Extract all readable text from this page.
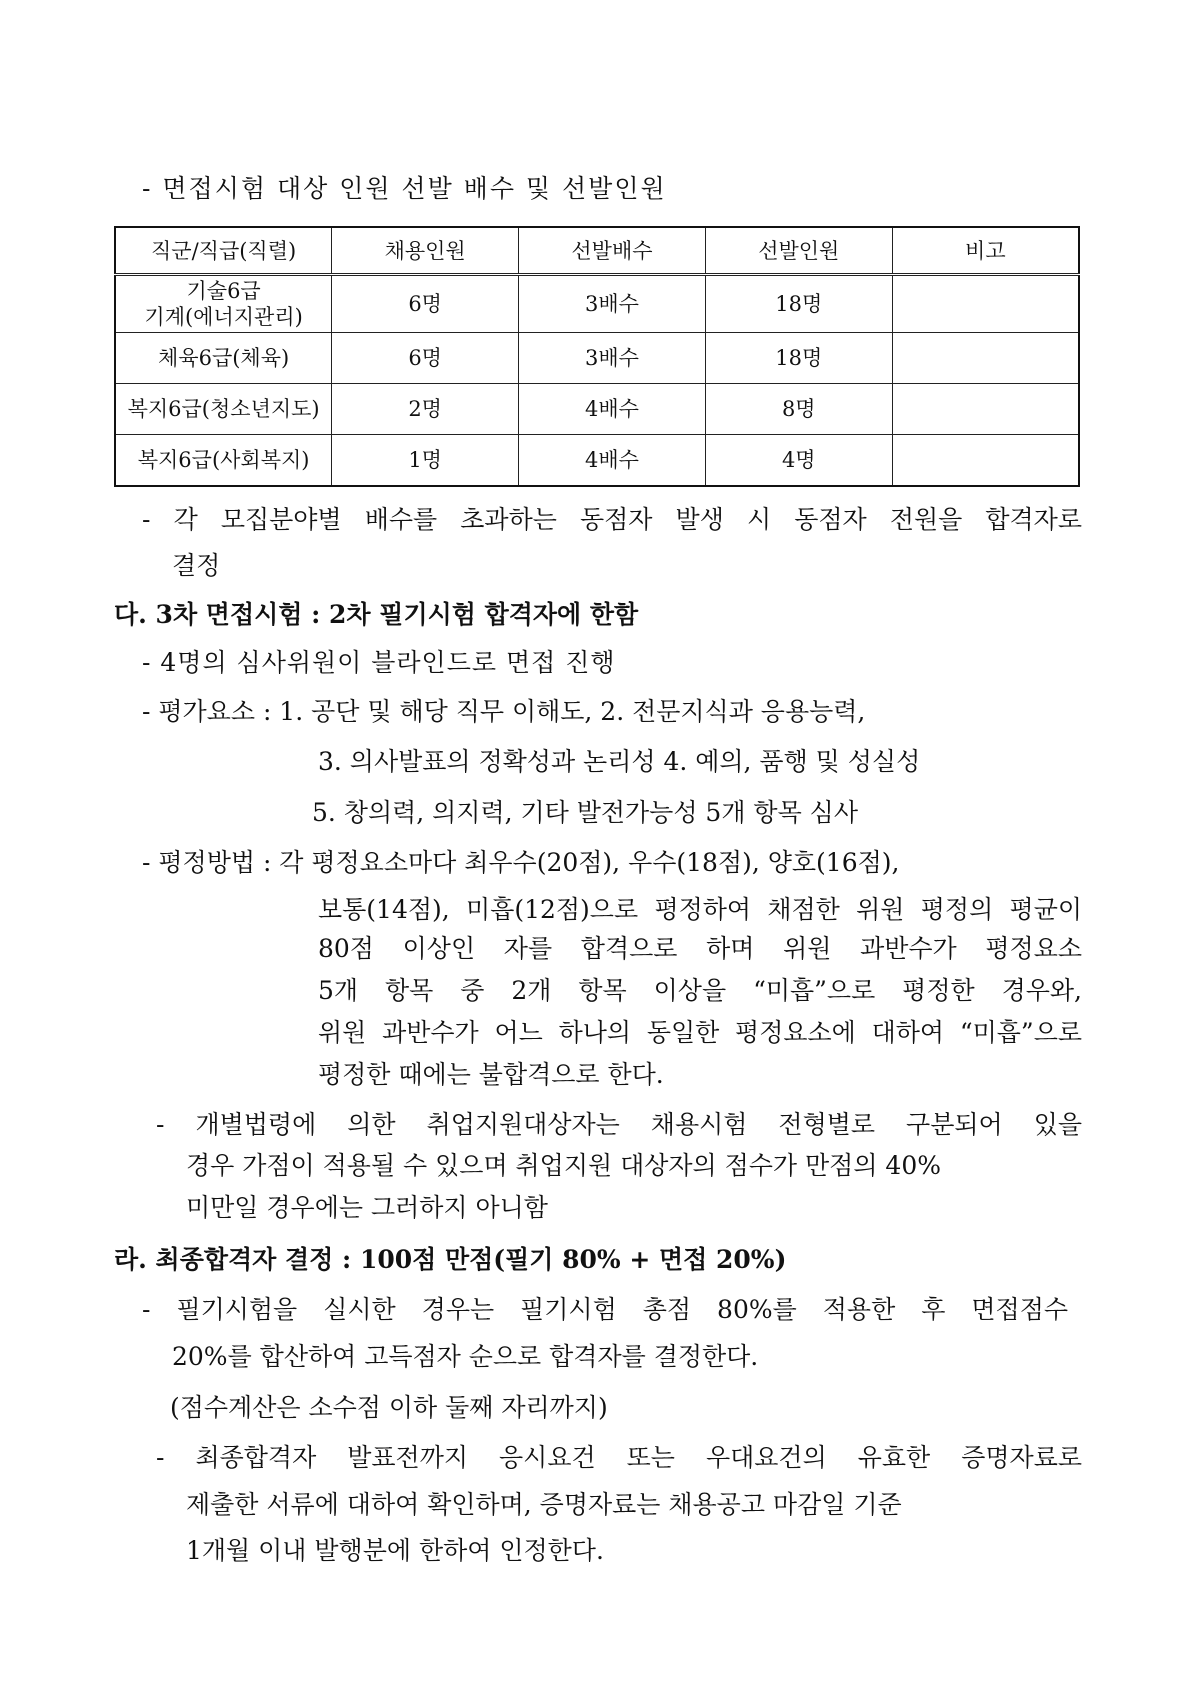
- 면접시험 대상 인원 선발 배수 및 선발인원
직군/직급(직렬)	채용인원	선발배수	선발인원	비고

기술6급
기계(에너지관리)	6명	3배수	18명	
체육6급(체육)	6명	3배수	18명	
복지6급(청소년지도)	2명	4배수	8명	
복지6급(사회복지)	1명	4배수	4명	
- 각 모집분야별 배수를 초과하는 동점자 발생 시 동점자 전원을 합격자로
결정
다. 3차 면접시험 : 2차 필기시험 합격자에 한함
- 4명의 심사위원이 블라인드로 면접 진행
- 평가요소 : 1. 공단 및 해당 직무 이해도, 2. 전문지식과 응용능력,
3. 의사발표의 정확성과 논리성 4. 예의, 품행 및 성실성
5. 창의력, 의지력, 기타 발전가능성 5개 항목 심사
- 평정방법 : 각 평정요소마다 최우수(20점), 우수(18점), 양호(16점),
보통(14점), 미흡(12점)으로 평정하여 채점한 위원 평정의 평균이
80점 이상인 자를 합격으로 하며 위원 과반수가 평정요소
5개 항목 중 2개 항목 이상을 “미흡”으로 평정한 경우와,
위원 과반수가 어느 하나의 동일한 평정요소에 대하여 “미흡”으로
평정한 때에는 불합격으로 한다.
- 개별법령에 의한 취업지원대상자는 채용시험 전형별로 구분되어 있을
경우 가점이 적용될 수 있으며 취업지원 대상자의 점수가 만점의 40%
미만일 경우에는 그러하지 아니함
라. 최종합격자 결정 : 100점 만점(필기 80% + 면접 20%)
- 필기시험을 실시한 경우는 필기시험 총점 80%를 적용한 후 면접점수
20%를 합산하여 고득점자 순으로 합격자를 결정한다.
(점수계산은 소수점 이하 둘째 자리까지)
- 최종합격자 발표전까지 응시요건 또는 우대요건의 유효한 증명자료로
제출한 서류에 대하여 확인하며, 증명자료는 채용공고 마감일 기준
1개월 이내 발행분에 한하여 인정한다.
